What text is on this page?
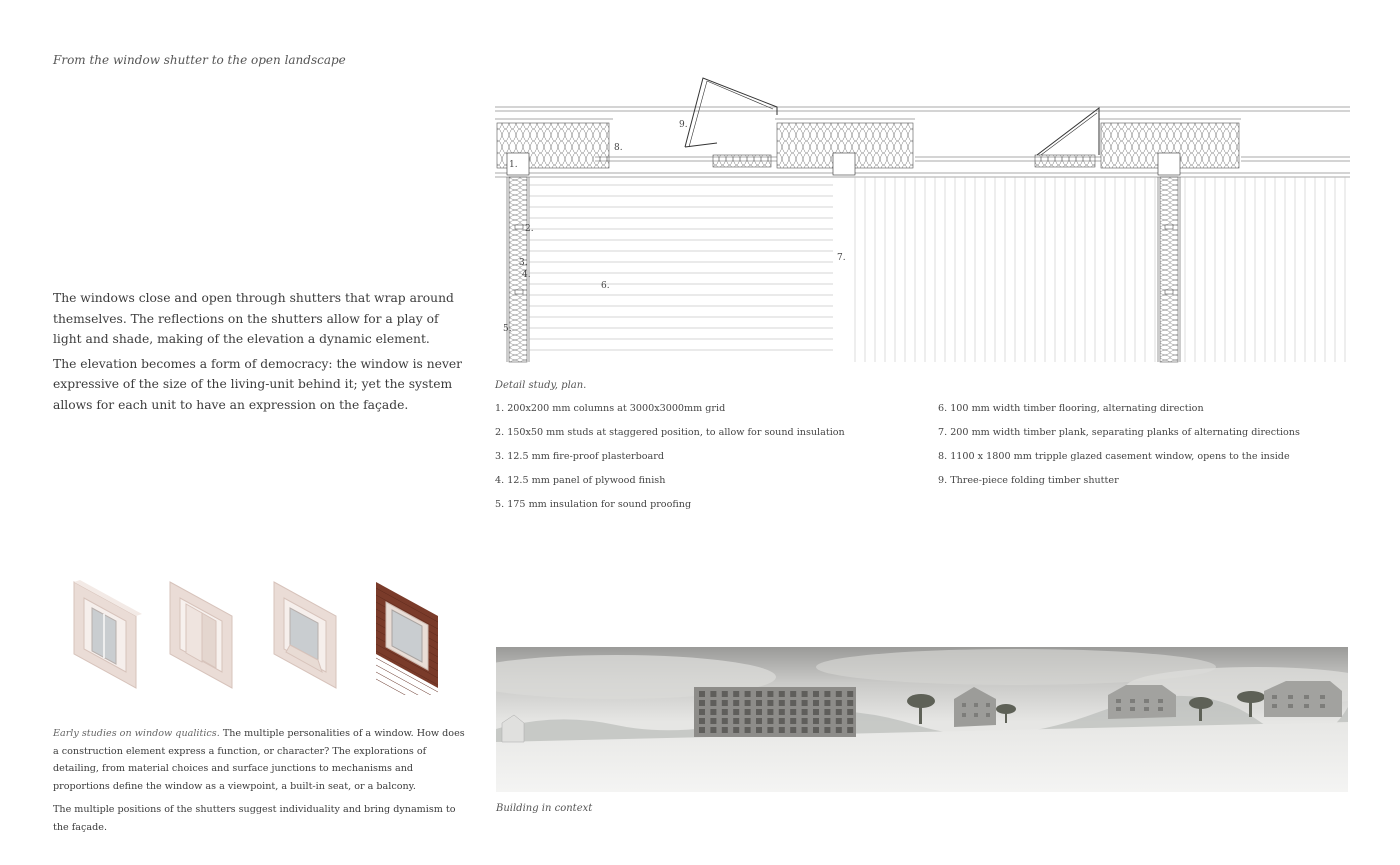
From the window shutter to the open landscape

The windows close and open through shutters that wrap around themselves. The reflections on the shutters allow for a play of light and shade, making of the elevation a dynamic element.

The elevation becomes a form of democracy: the window is never expressive of the size of the living-unit behind it; yet the system allows for each unit to have an expression on the façade.

1.
2.
3.
4.
5.
6.
7.
8.
9.
Detail study, plan.
1. 200x200 mm columns at 3000x3000mm grid
2. 150x50 mm studs at staggered position, to allow for sound insulation
3. 12.5 mm fire-proof plasterboard
4. 12.5 mm panel of plywood finish
5. 175 mm insulation for sound proofing
6. 100 mm width timber flooring, alternating direction
7. 200 mm width timber plank, separating planks of alternating directions
8. 1100 x 1800 mm tripple glazed casement window, opens to the inside
9. Three-piece folding timber shutter

Early studies on window qualitics. The multiple personalities of a window. How does a construction element express a function, or character? The explorations of detailing, from material choices and surface junctions to mechanisms and proportions define the window as a viewpoint, a built-in seat, or a balcony.

The multiple positions of the shutters suggest individuality and bring dynamism to the façade.

Building in context
